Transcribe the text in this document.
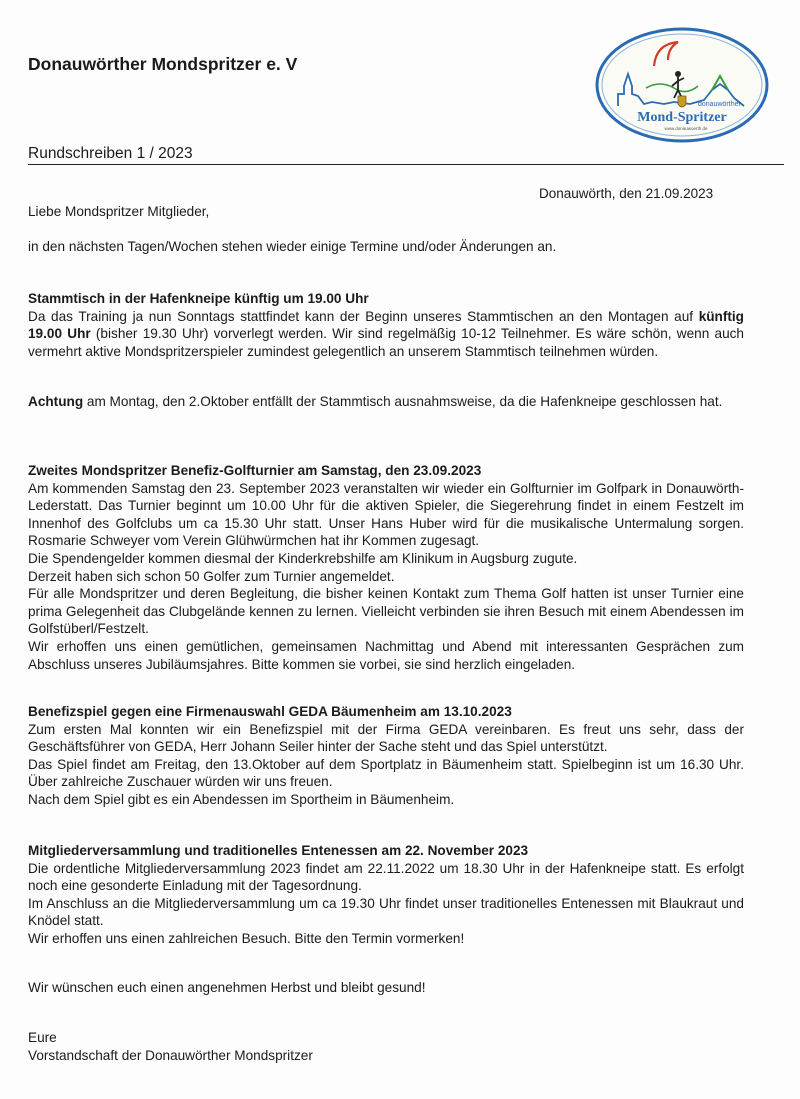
Donauwörther Mondspritzer e. V
donauwörther
Mond-Spritzer
www.donauwoerth.de
Rundschreiben 1 / 2023
Donauwörth, den 21.09.2023
Liebe Mondspritzer Mitglieder,
in den nächsten Tagen/Wochen stehen wieder einige Termine und/oder Änderungen an.

Stammtisch in der Hafenkneipe künftig um 19.00 Uhr

Da das Training ja nun Sonntags stattfindet kann der Beginn unseres Stammtischen an den Montagen auf künftig 19.00 Uhr (bisher 19.30 Uhr) vorverlegt werden. Wir sind regelmäßig 10-12 Teilnehmer. Es wäre schön, wenn auch vermehrt aktive Mondspritzerspieler zumindest gelegentlich an unserem Stammtisch teilnehmen würden.

Achtung am Montag, den 2.Oktober entfällt der Stammtisch ausnahmsweise, da die Hafenkneipe geschlossen hat.

Zweites Mondspritzer Benefiz-Golfturnier am Samstag, den 23.09.2023

Am kommenden Samstag den 23. September 2023 veranstalten wir wieder ein Golfturnier im Golfpark in Donauwörth-Lederstatt. Das Turnier beginnt um 10.00 Uhr für die aktiven Spieler, die Siegerehrung findet in einem Festzelt im Innenhof des Golfclubs um ca 15.30 Uhr statt. Unser Hans Huber wird für die musikalische Untermalung sorgen. Rosmarie Schweyer vom Verein Glühwürmchen hat ihr Kommen zugesagt.

Die Spendengelder kommen diesmal der Kinderkrebshilfe am Klinikum in Augsburg zugute.

Derzeit haben sich schon 50 Golfer zum Turnier angemeldet.

Für alle Mondspritzer und deren Begleitung, die bisher keinen Kontakt zum Thema Golf hatten ist unser Turnier eine prima Gelegenheit das Clubgelände kennen zu lernen. Vielleicht verbinden sie ihren Besuch mit einem Abendessen im Golfstüberl/Festzelt.

Wir erhoffen uns einen gemütlichen, gemeinsamen Nachmittag und Abend mit interessanten Gesprächen zum Abschluss unseres Jubiläumsjahres. Bitte kommen sie vorbei, sie sind herzlich eingeladen.

Benefizspiel gegen eine Firmenauswahl GEDA Bäumenheim am 13.10.2023

Zum ersten Mal konnten wir ein Benefizspiel mit der Firma GEDA vereinbaren. Es freut uns sehr, dass der Geschäftsführer von GEDA, Herr Johann Seiler hinter der Sache steht und das Spiel unterstützt.

Das Spiel findet am Freitag, den 13.Oktober auf dem Sportplatz in Bäumenheim statt. Spielbeginn ist um 16.30 Uhr. Über zahlreiche Zuschauer würden wir uns freuen.

Nach dem Spiel gibt es ein Abendessen im Sportheim in Bäumenheim.

Mitgliederversammlung und traditionelles Entenessen am 22. November 2023

Die ordentliche Mitgliederversammlung 2023 findet am 22.11.2022 um 18.30 Uhr in der Hafenkneipe statt. Es erfolgt noch eine gesonderte Einladung mit der Tagesordnung.

Im Anschluss an die Mitgliederversammlung um ca 19.30 Uhr findet unser traditionelles Entenessen mit Blaukraut und Knödel statt.

Wir erhoffen uns einen zahlreichen Besuch. Bitte den Termin vormerken!

Wir wünschen euch einen angenehmen Herbst und bleibt gesund!

Eure

Vorstandschaft der Donauwörther Mondspritzer
